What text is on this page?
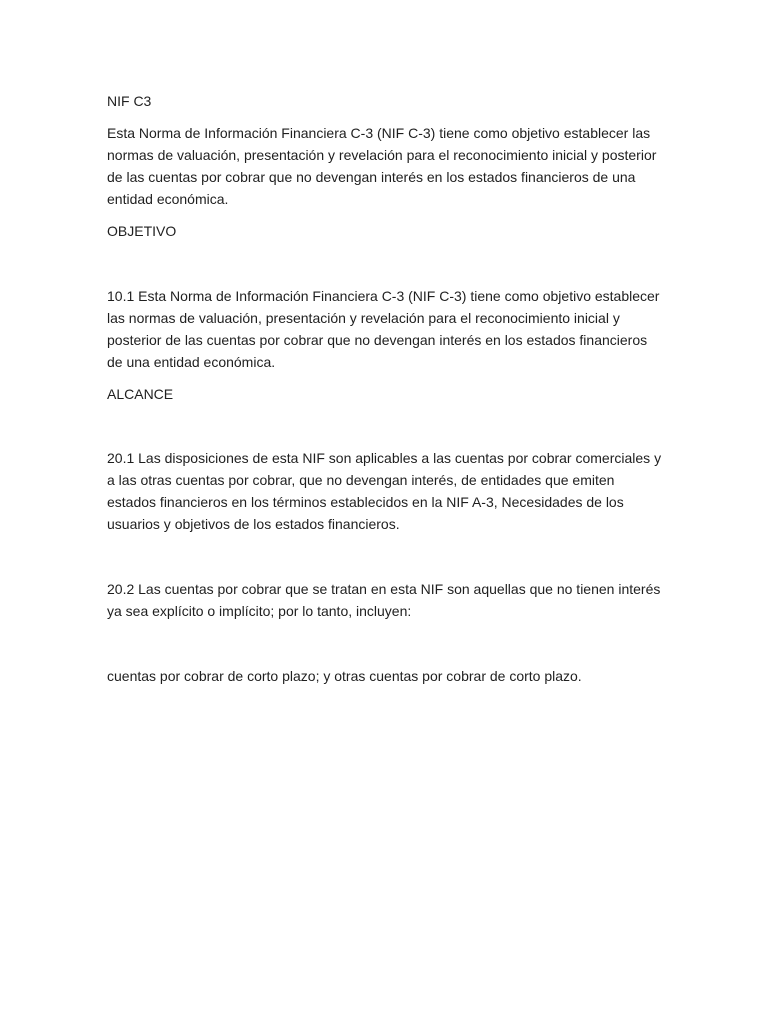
NIF C3

Esta Norma de Información Financiera C-3 (NIF C-3) tiene como objetivo establecer las normas de valuación, presentación y revelación para el reconocimiento inicial y posterior de las cuentas por cobrar que no devengan interés en los estados financieros de una entidad económica.

OBJETIVO

10.1 Esta Norma de Información Financiera C-3 (NIF C-3) tiene como objetivo establecer las normas de valuación, presentación y revelación para el reconocimiento inicial y posterior de las cuentas por cobrar que no devengan interés en los estados financieros de una entidad económica.

ALCANCE

20.1 Las disposiciones de esta NIF son aplicables a las cuentas por cobrar comerciales y a las otras cuentas por cobrar, que no devengan interés, de entidades que emiten estados financieros en los términos establecidos en la NIF A-3, Necesidades de los usuarios y objetivos de los estados financieros.

20.2 Las cuentas por cobrar que se tratan en esta NIF son aquellas que no tienen interés ya sea explícito o implícito; por lo tanto, incluyen:

cuentas por cobrar de corto plazo; y otras cuentas por cobrar de corto plazo.
